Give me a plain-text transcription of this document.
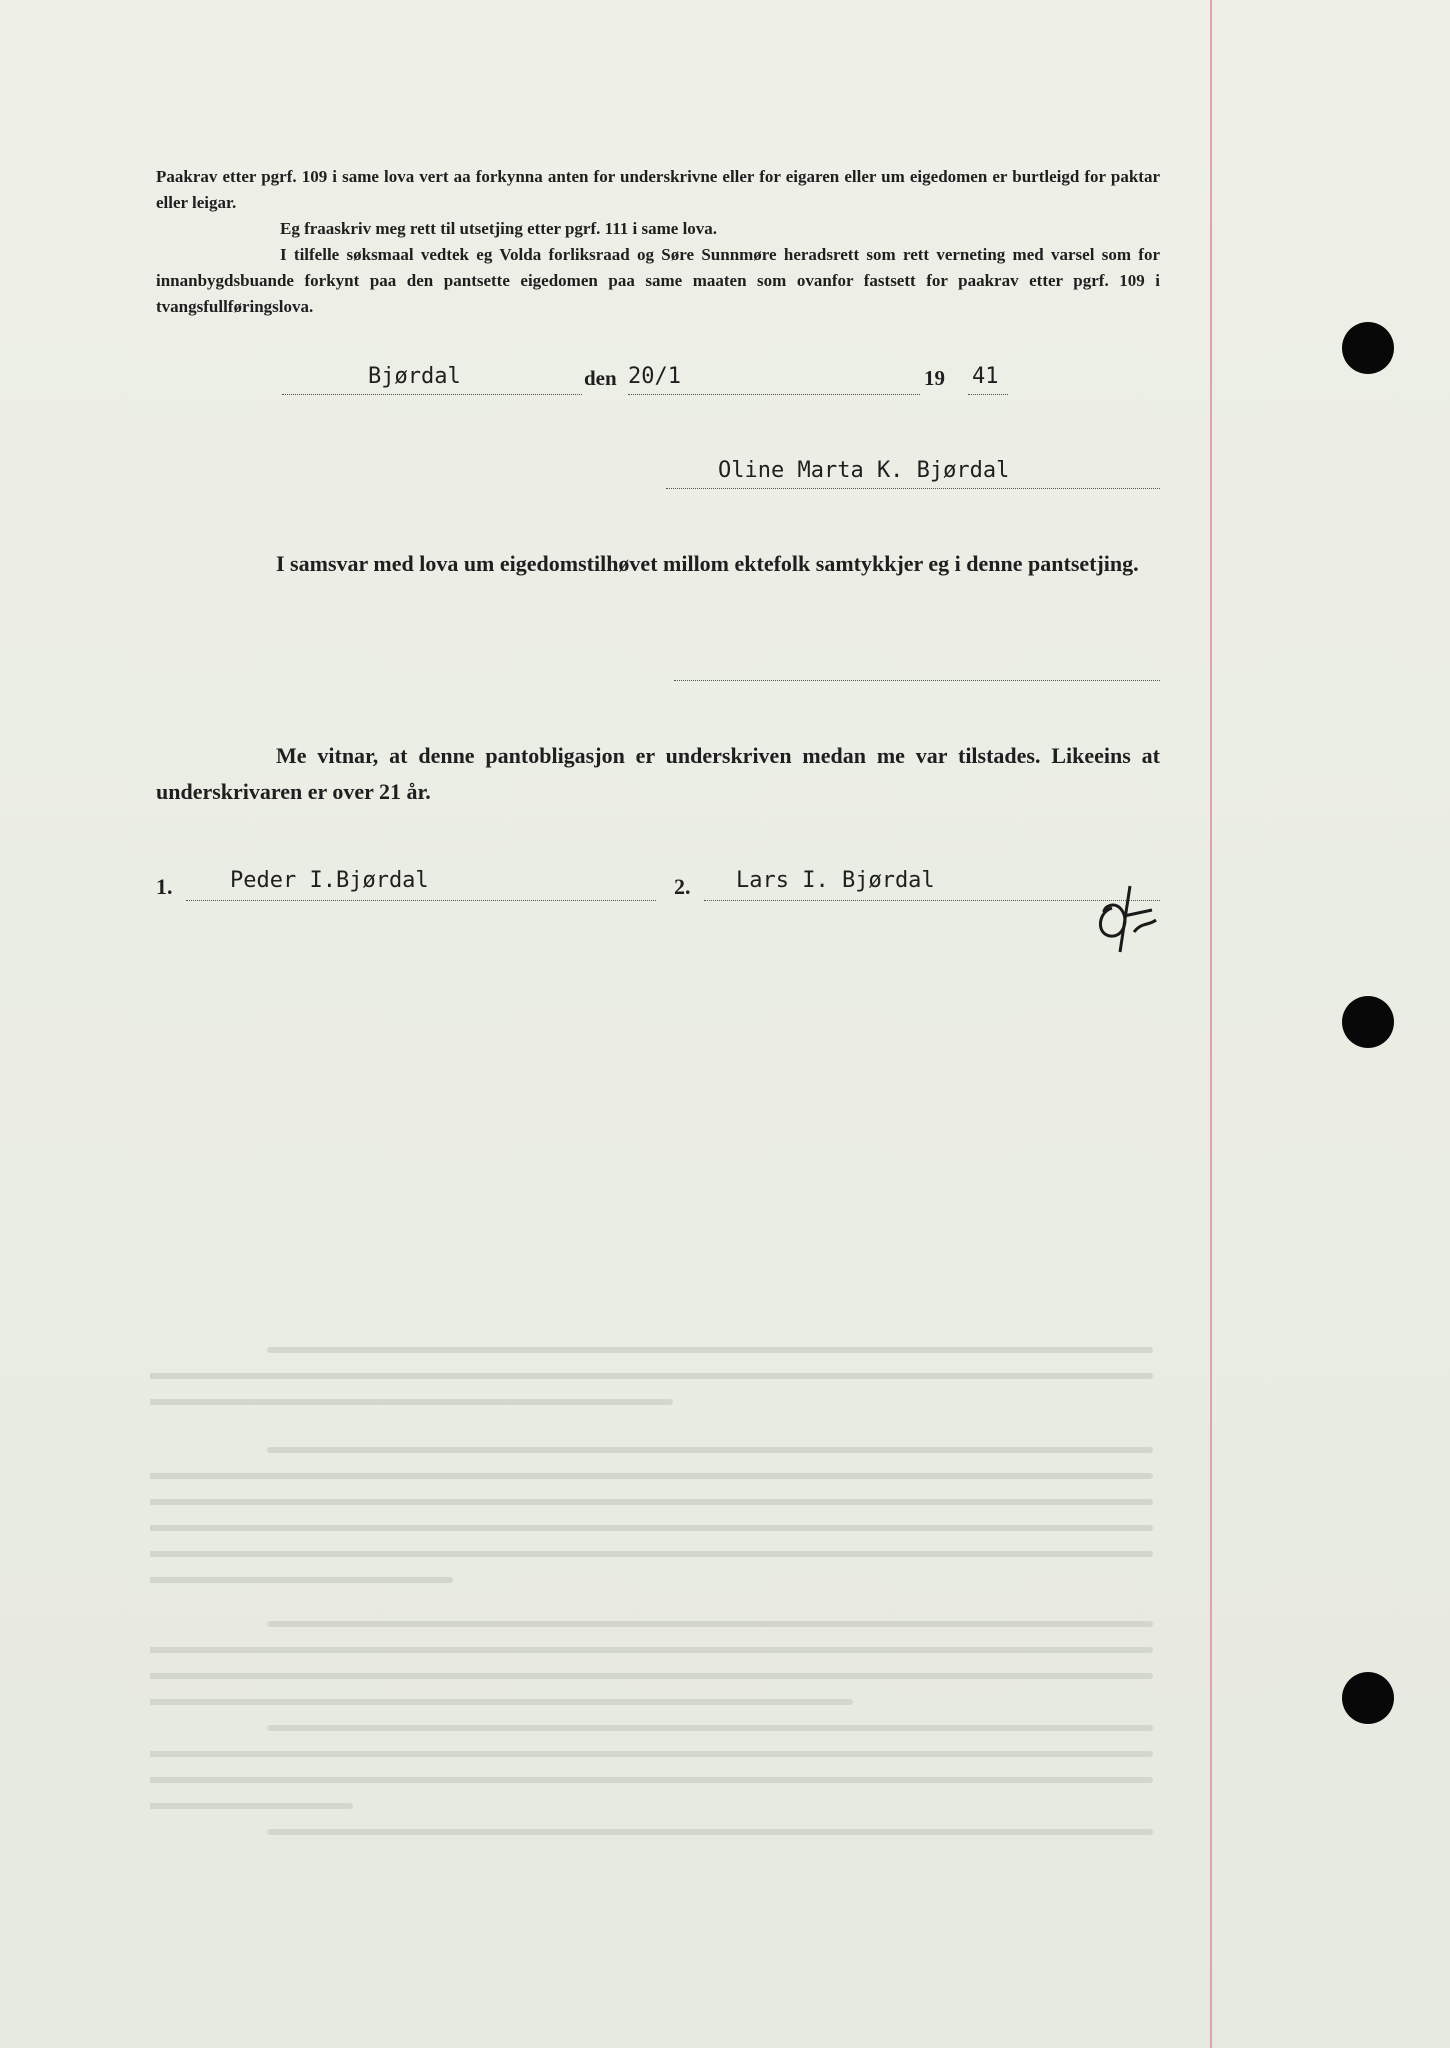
Paakrav etter pgrf. 109 i same lova vert aa forkynna anten for underskrivne eller for eigaren eller um eigedomen er burtleigd for paktar eller leigar.
Eg fraaskriv meg rett til utsetjing etter pgrf. 111 i same lova.
I tilfelle søksmaal vedtek eg Volda forliksraad og Søre Sunnmøre heradsrett som rett verneting med varsel som for innanbygdsbuande forkynt paa den pantsette eigedomen paa same maaten som ovanfor fastsett for paakrav etter pgrf. 109 i tvangsfullføringslova.
Bjørdal	den 20/1	19 41
Oline Marta K. Bjørdal
I samsvar med lova um eigedomstilhøvet millom ektefolk samtykkjer eg i denne pantsetjing.
Me vitnar, at denne pantobligasjon er underskriven medan me var tilstades. Likeeins at underskrivaren er over 21 år.
1.	Peder I.Bjørdal	2. Lars I. Bjørdal
